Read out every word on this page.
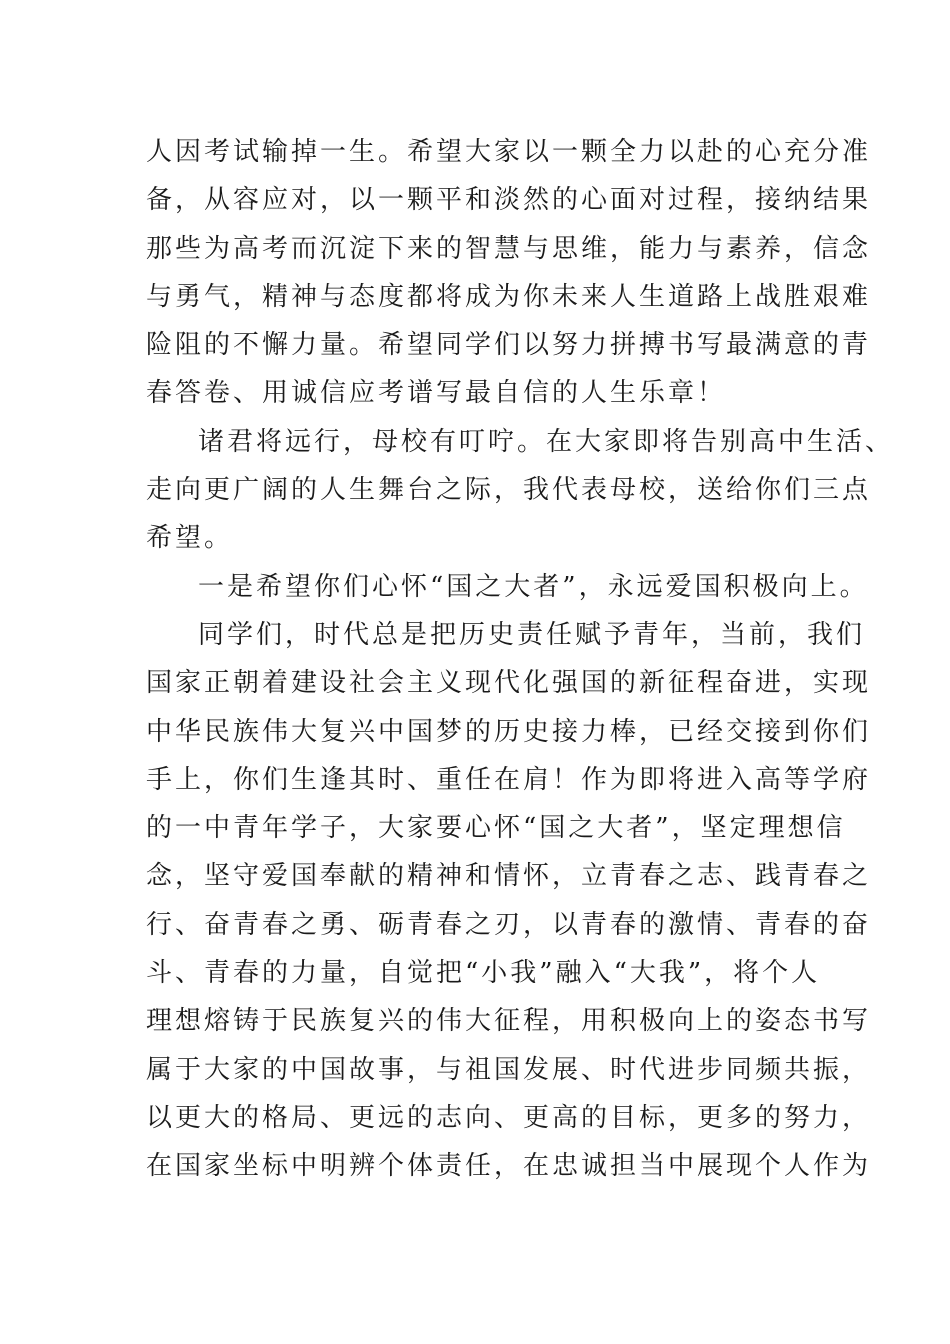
人因考试输掉一生。希望大家以一颗全力以赴的心充分准
备，从容应对，以一颗平和淡然的心面对过程，接纳结果
那些为高考而沉淀下来的智慧与思维，能力与素养，信念
与勇气，精神与态度都将成为你未来人生道路上战胜艰难
险阻的不懈力量。希望同学们以努力拼搏书写最满意的青
春答卷、用诚信应考谱写最自信的人生乐章！
诸君将远行，母校有叮咛。在大家即将告别高中生活、
走向更广阔的人生舞台之际，我代表母校，送给你们三点
希望。
一是希望你们心怀“国之大者”，永远爱国积极向上。
同学们，时代总是把历史责任赋予青年，当前，我们
国家正朝着建设社会主义现代化强国的新征程奋进，实现
中华民族伟大复兴中国梦的历史接力棒，已经交接到你们
手上，你们生逢其时、重任在肩！作为即将进入高等学府
的一中青年学子，大家要心怀“国之大者”，坚定理想信
念，坚守爱国奉献的精神和情怀，立青春之志、践青春之
行、奋青春之勇、砺青春之刃，以青春的激情、青春的奋
斗、青春的力量，自觉把“小我”融入“大我”，将个人
理想熔铸于民族复兴的伟大征程，用积极向上的姿态书写
属于大家的中国故事，与祖国发展、时代进步同频共振，
以更大的格局、更远的志向、更高的目标，更多的努力，
在国家坐标中明辨个体责任，在忠诚担当中展现个人作为
